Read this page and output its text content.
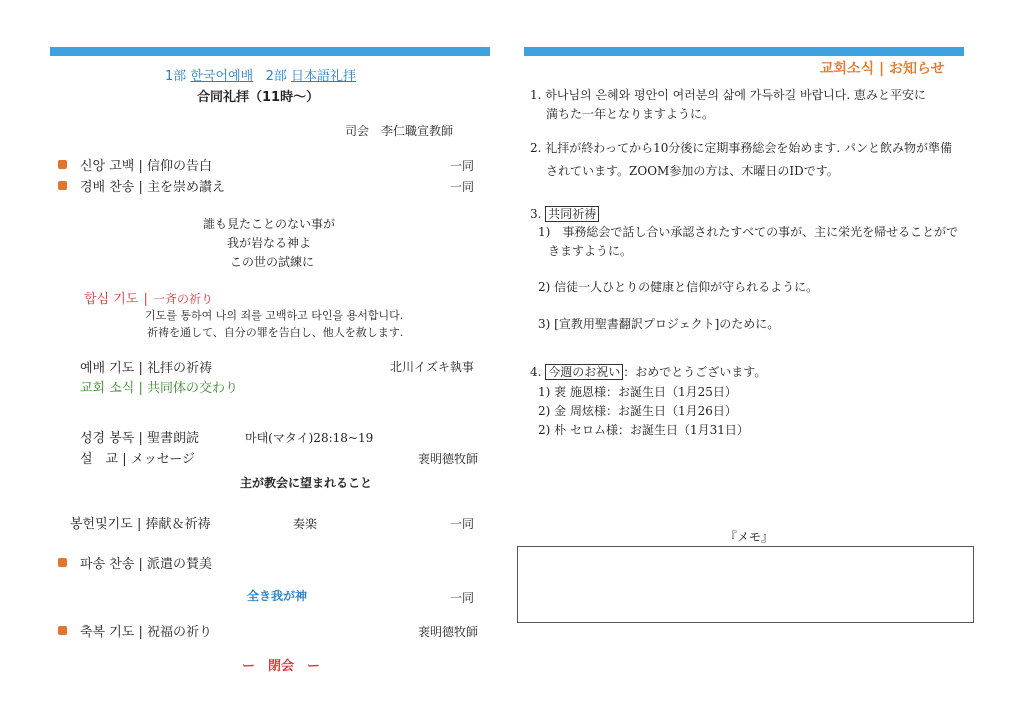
1部 한국어예배 2部 日本語礼拝
合同礼拝（11時〜）
司会　李仁職宣教師
신앙 고백 | 信仰の告白	一同
경배 찬송 | 主を崇め讃え	一同
誰も見たことのない事が
我が岩なる神よ
この世の試練に
합심 기도 | 一斉の祈り
기도를 통하여 나의 죄를 고백하고 타인을 용서합니다.
祈祷を通して、自分の罪を告白し、他人を赦します.
예배 기도 | 礼拝の祈祷	北川イズキ執事
교회 소식 | 共同体の交わり
성경 봉독 | 聖書朗読	마태(マタイ)28:18~19
설　교 | メッセージ	裵明德牧師
主が教会に望まれること
봉헌및기도 | 捧献＆祈祷	奏楽	一同
파송 찬송 | 派遣の賛美
全き我が神	一同
축복 기도 | 祝福の祈り	裵明德牧師
ー　閉会　ー
교회소식 | お知らせ
1. 하나님의 은혜와 평안이 여러분의 삶에 가득하길 바랍니다. 恵みと平安に
満ちた一年となりますように。
2. 礼拝が終わってから10分後に定期事務総会を始めます. パンと飲み物が準備
されています。ZOOM参加の方は、木曜日のIDです。
3. 共同祈祷
1)　事務総会で話し合い承認されたすべての事が、主に栄光を帰せることがで
きますように。
2) 信徒一人ひとりの健康と信仰が守られるように。
3) [宣教用聖書翻訳プロジェクト]のために。
4. 今週のお祝い ：おめでとうございます。
1) 裵 施恩様：お誕生日（1月25日）
2) 金 周炫様：お誕生日（1月26日）
2) 朴 セロム様：お誕生日（1月31日）
『メモ』
